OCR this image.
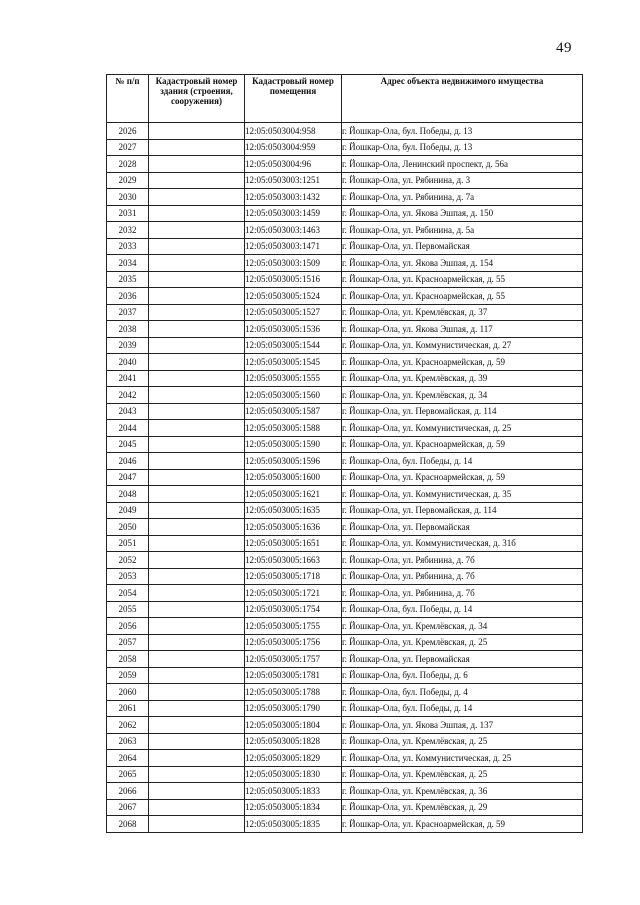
49
№ п/п	Кадастровый номер здания (строения, сооружения)	Кадастровый номер помещения	Адрес объекта недвижимого имущества
2026		12:05:0503004:958	г. Йошкар-Ола, бул. Победы, д. 13
2027		12:05:0503004:959	г. Йошкар-Ола, бул. Победы, д. 13
2028		12:05:0503004:96	г. Йошкар-Ола, Ленинский проспект, д. 56а
2029		12:05:0503003:1251	г. Йошкар-Ола, ул. Рябинина, д. 3
2030		12:05:0503003:1432	г. Йошкар-Ола, ул. Рябинина, д. 7а
2031		12:05:0503003:1459	г. Йошкар-Ола, ул. Якова Эшпая, д. 150
2032		12:05:0503003:1463	г. Йошкар-Ола, ул. Рябинина, д. 5а
2033		12:05:0503003:1471	г. Йошкар-Ола, ул. Первомайская
2034		12:05:0503003:1509	г. Йошкар-Ола, ул. Якова Эшпая, д. 154
2035		12:05:0503005:1516	г. Йошкар-Ола, ул. Красноармейская, д. 55
2036		12:05:0503005:1524	г. Йошкар-Ола, ул. Красноармейская, д. 55
2037		12:05:0503005:1527	г. Йошкар-Ола, ул. Кремлёвская, д. 37
2038		12:05:0503005:1536	г. Йошкар-Ола, ул. Якова Эшпая, д. 117
2039		12:05:0503005:1544	г. Йошкар-Ола, ул. Коммунистическая, д. 27
2040		12:05:0503005:1545	г. Йошкар-Ола, ул. Красноармейская, д. 59
2041		12:05:0503005:1555	г. Йошкар-Ола, ул. Кремлёвская, д. 39
2042		12:05:0503005:1560	г. Йошкар-Ола, ул. Кремлёвская, д. 34
2043		12:05:0503005:1587	г. Йошкар-Ола, ул. Первомайская, д. 114
2044		12:05:0503005:1588	г. Йошкар-Ола, ул. Коммунистическая, д. 25
2045		12:05:0503005:1590	г. Йошкар-Ола, ул. Красноармейская, д. 59
2046		12:05:0503005:1596	г. Йошкар-Ола, бул. Победы, д. 14
2047		12:05:0503005:1600	г. Йошкар-Ола, ул. Красноармейская, д. 59
2048		12:05:0503005:1621	г. Йошкар-Ола, ул. Коммунистическая, д. 35
2049		12:05:0503005:1635	г. Йошкар-Ола, ул. Первомайская, д. 114
2050		12:05:0503005:1636	г. Йошкар-Ола, ул. Первомайская
2051		12:05:0503005:1651	г. Йошкар-Ола, ул. Коммунистическая, д. 31б
2052		12:05:0503005:1663	г. Йошкар-Ола, ул. Рябинина, д. 7б
2053		12:05:0503005:1718	г. Йошкар-Ола, ул. Рябинина, д. 7б
2054		12:05:0503005:1721	г. Йошкар-Ола, ул. Рябинина, д. 7б
2055		12:05:0503005:1754	г. Йошкар-Ола, бул. Победы, д. 14
2056		12:05:0503005:1755	г. Йошкар-Ола, ул. Кремлёвская, д. 34
2057		12:05:0503005:1756	г. Йошкар-Ола, ул. Кремлёвская, д. 25
2058		12:05:0503005:1757	г. Йошкар-Ола, ул. Первомайская
2059		12:05:0503005:1781	г. Йошкар-Ола, бул. Победы, д. 6
2060		12:05:0503005:1788	г. Йошкар-Ола, бул. Победы, д. 4
2061		12:05:0503005:1790	г. Йошкар-Ола, бул. Победы, д. 14
2062		12:05:0503005:1804	г. Йошкар-Ола, ул. Якова Эшпая, д. 137
2063		12:05:0503005:1828	г. Йошкар-Ола, ул. Кремлёвская, д. 25
2064		12:05:0503005:1829	г. Йошкар-Ола, ул. Коммунистическая, д. 25
2065		12:05:0503005:1830	г. Йошкар-Ола, ул. Кремлёвская, д. 25
2066		12:05:0503005:1833	г. Йошкар-Ола, ул. Кремлёвская, д. 36
2067		12:05:0503005:1834	г. Йошкар-Ола, ул. Кремлёвская, д. 29
2068		12:05:0503005:1835	г. Йошкар-Ола, ул. Красноармейская, д. 59
